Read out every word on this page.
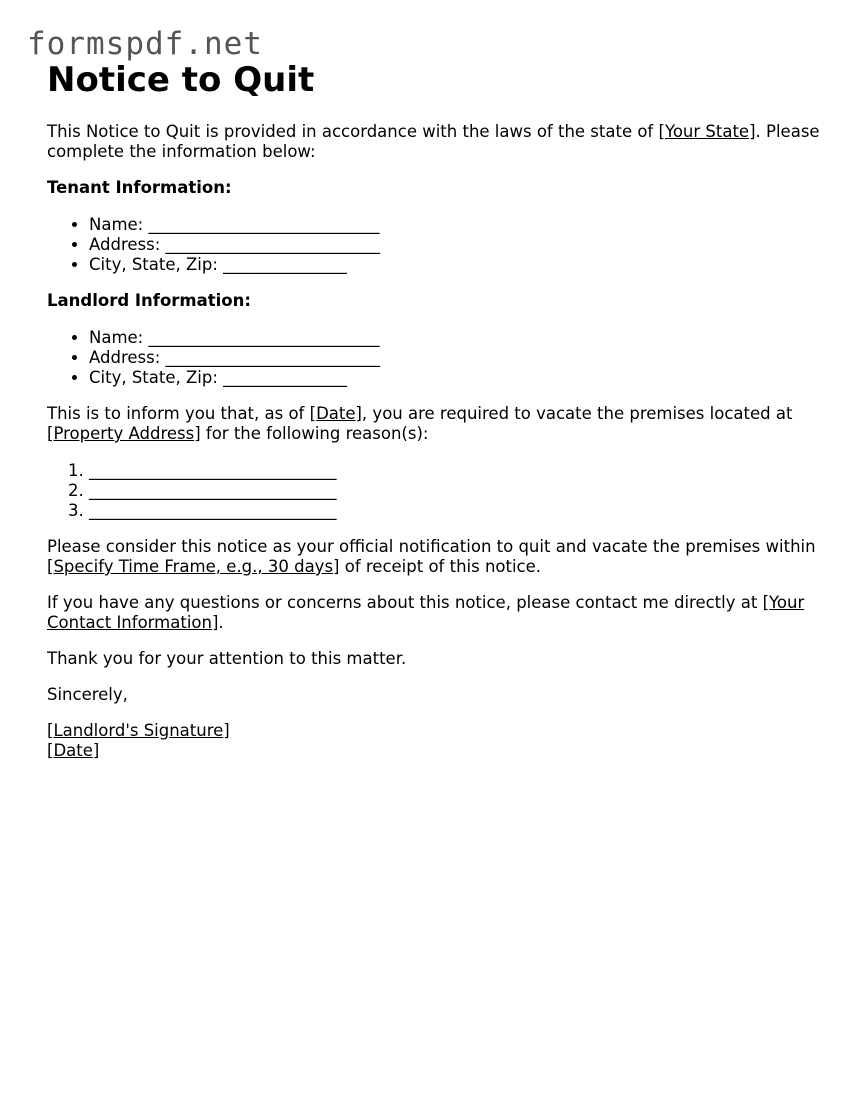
formspdf.net
Notice to Quit

This Notice to Quit is provided in accordance with the laws of the state of [Your State]. Please complete the information below:

Tenant Information:

• Name: ____________________________
• Address: __________________________
• City, State, Zip: _______________

Landlord Information:

• Name: ____________________________
• Address: __________________________
• City, State, Zip: _______________

This is to inform you that, as of [Date], you are required to vacate the premises located at [Property Address] for the following reason(s):

1. ______________________________
2. ______________________________
3. ______________________________

Please consider this notice as your official notification to quit and vacate the premises within [Specify Time Frame, e.g., 30 days] of receipt of this notice.

If you have any questions or concerns about this notice, please contact me directly at [Your Contact Information].

Thank you for your attention to this matter.

Sincerely,

[Landlord's Signature]
[Date]
